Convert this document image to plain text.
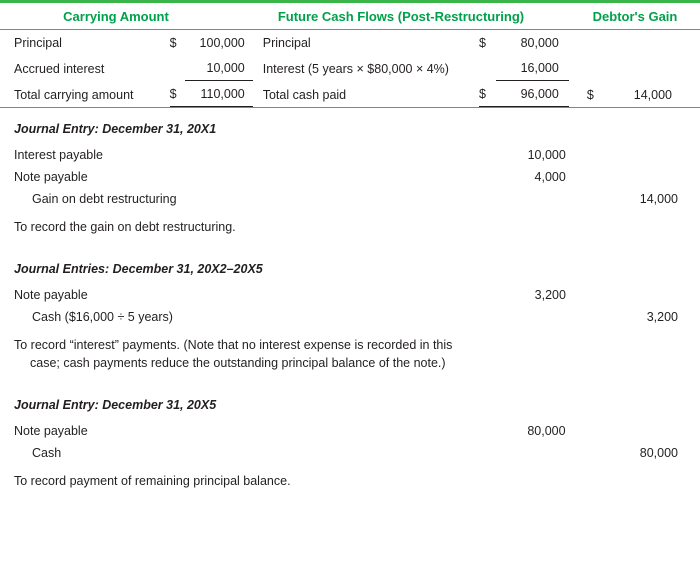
Carrying Amount	Future Cash Flows (Post-Restructuring)	Debtor's Gain
Principal	$	100,000	Principal	$	80,000		
Accrued interest		10,000	Interest (5 years × $80,000 × 4%)		16,000		
Total carrying amount	$	110,000	Total cash paid	$	96,000	$	14,000
Journal Entry: December 31, 20X1
Interest payable	10,000	
Note payable	4,000	
Gain on debt restructuring		14,000
To record the gain on debt restructuring.
Journal Entries: December 31, 20X2–20X5
Note payable	3,200	
Cash ($16,000 ÷ 5 years)		3,200
To record “interest” payments. (Note that no interest expense is recorded in this case; cash payments reduce the outstanding principal balance of the note.)
Journal Entry: December 31, 20X5
Note payable	80,000	
Cash		80,000
To record payment of remaining principal balance.
